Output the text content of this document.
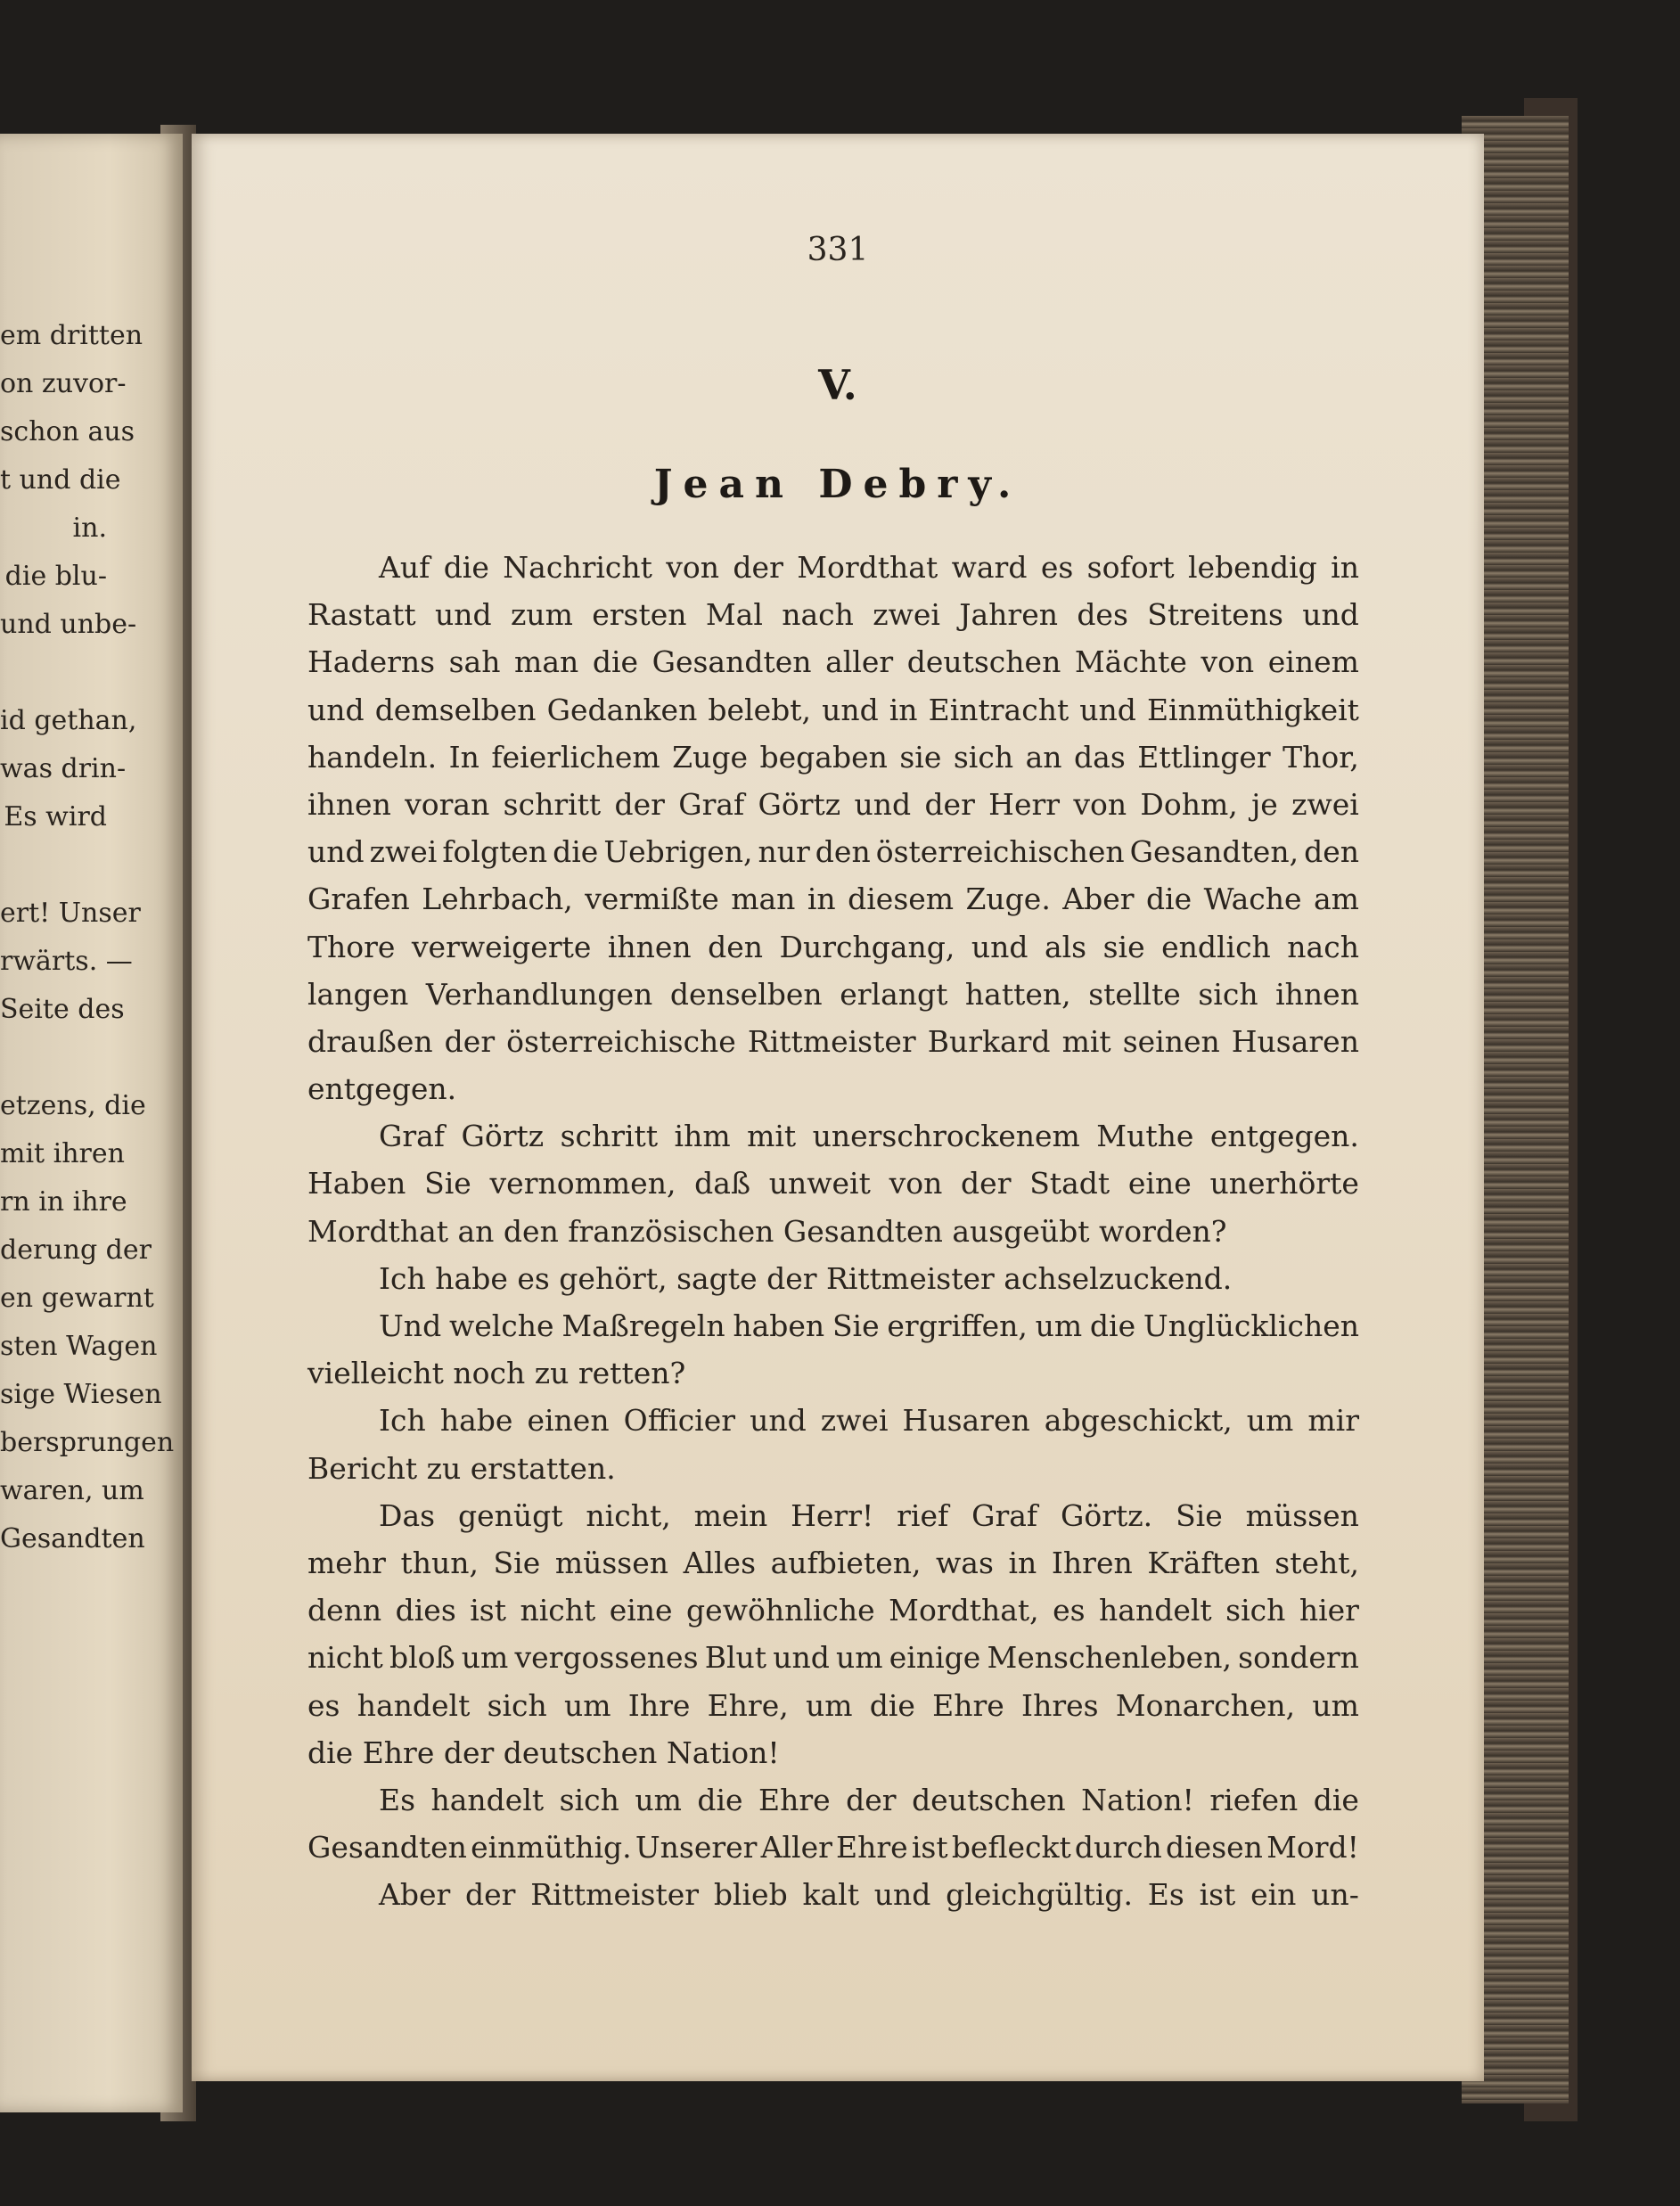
em dritten
on zuvor-
schon aus
t und die
in.
die blu-
und unbe-

id gethan,
was drin-
Es wird

ert! Unser
rwärts. —
Seite des

etzens, die
mit ihren
rn in ihre
derung der
en gewarnt
sten Wagen
sige Wiesen
bersprungen
waren, um
Gesandten
331
V.
Jean Debry.
Auf die Nachricht von der Mordthat ward es sofort lebendig in
Rastatt und zum ersten Mal nach zwei Jahren des Streitens und
Haderns sah man die Gesandten aller deutschen Mächte von einem
und demselben Gedanken belebt, und in Eintracht und Einmüthigkeit
handeln. In feierlichem Zuge begaben sie sich an das Ettlinger Thor,
ihnen voran schritt der Graf Görtz und der Herr von Dohm, je zwei
und zwei folgten die Uebrigen, nur den österreichischen Gesandten, den
Grafen Lehrbach, vermißte man in diesem Zuge. Aber die Wache am
Thore verweigerte ihnen den Durchgang, und als sie endlich nach
langen Verhandlungen denselben erlangt hatten, stellte sich ihnen
draußen der österreichische Rittmeister Burkard mit seinen Husaren
entgegen.
Graf Görtz schritt ihm mit unerschrockenem Muthe entgegen.
Haben Sie vernommen, daß unweit von der Stadt eine unerhörte
Mordthat an den französischen Gesandten ausgeübt worden?
Ich habe es gehört, sagte der Rittmeister achselzuckend.
Und welche Maßregeln haben Sie ergriffen, um die Unglücklichen
vielleicht noch zu retten?
Ich habe einen Officier und zwei Husaren abgeschickt, um mir
Bericht zu erstatten.
Das genügt nicht, mein Herr! rief Graf Görtz. Sie müssen
mehr thun, Sie müssen Alles aufbieten, was in Ihren Kräften steht,
denn dies ist nicht eine gewöhnliche Mordthat, es handelt sich hier
nicht bloß um vergossenes Blut und um einige Menschenleben, sondern
es handelt sich um Ihre Ehre, um die Ehre Ihres Monarchen, um
die Ehre der deutschen Nation!
Es handelt sich um die Ehre der deutschen Nation! riefen die
Gesandten einmüthig. Unserer Aller Ehre ist befleckt durch diesen Mord!
Aber der Rittmeister blieb kalt und gleichgültig. Es ist ein un-
